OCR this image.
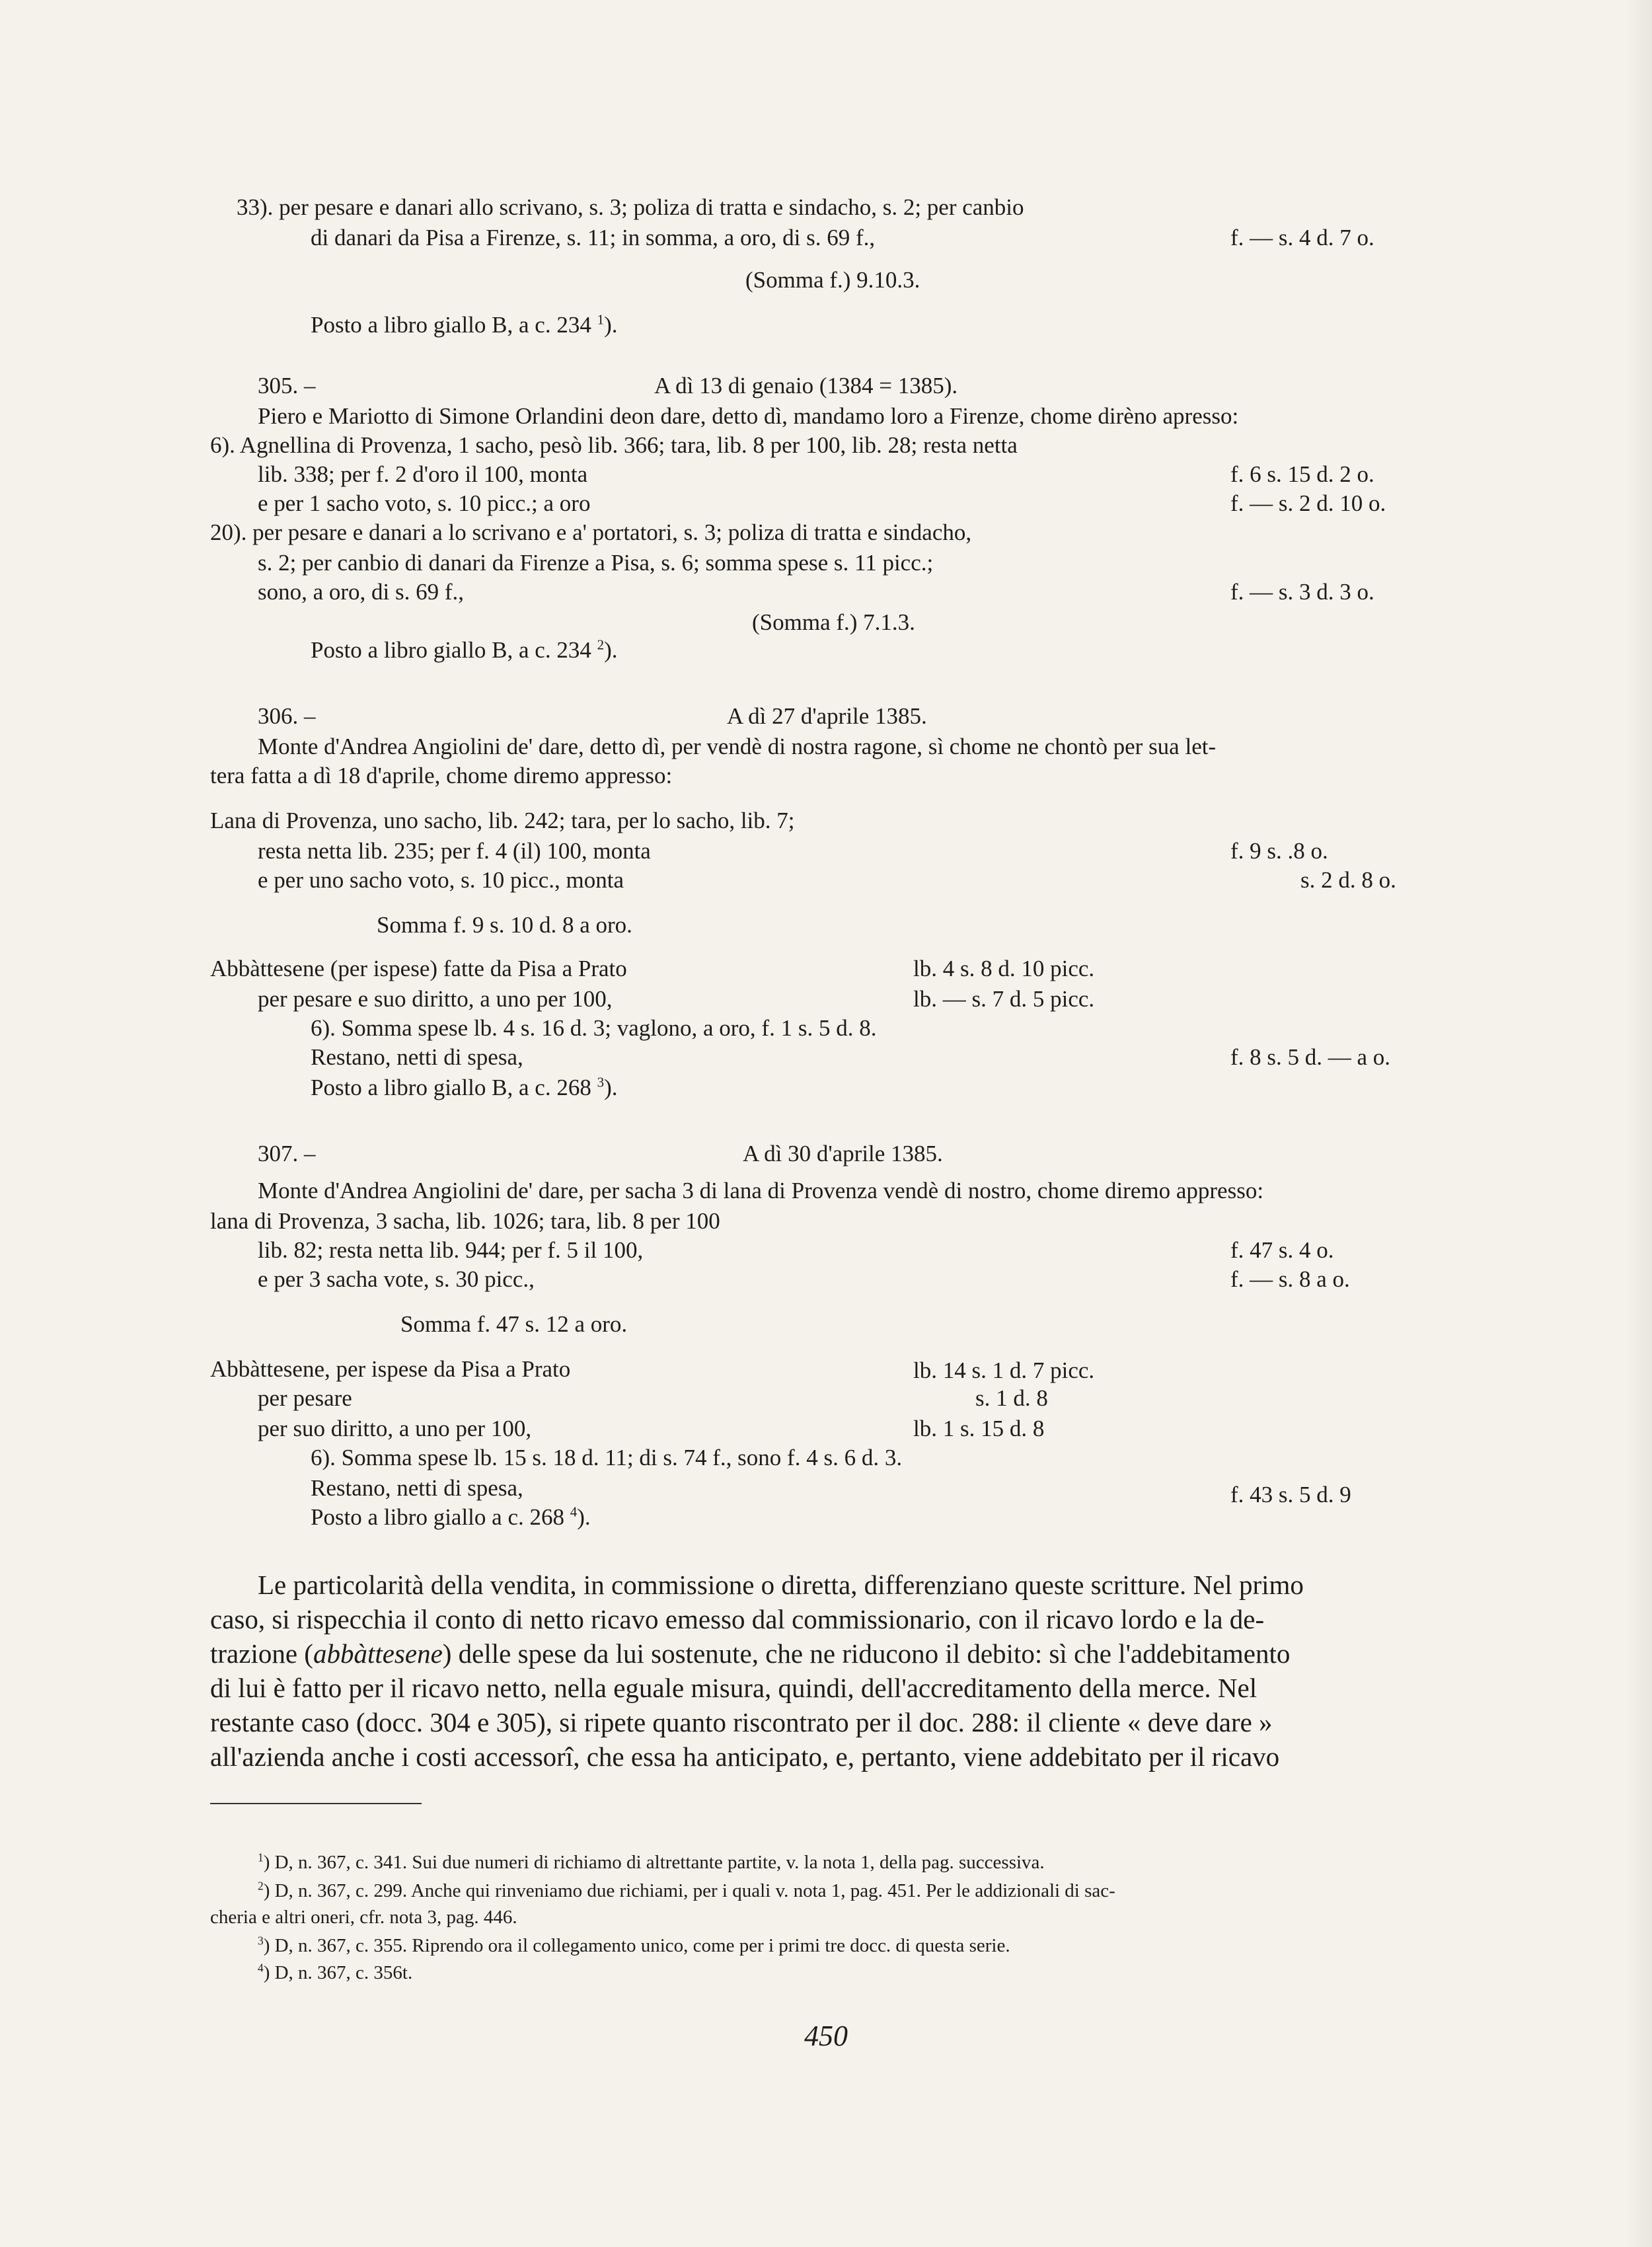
33). per pesare e danari allo scrivano, s. 3; poliza di tratta e sindacho, s. 2; per canbio
di danari da Pisa a Firenze, s. 11; in somma, a oro, di s. 69 f.,	f. — s. 4 d. 7 o.
(Somma f.) 9.10.3.
Posto a libro giallo B, a c. 234 $^1$).
305. –	A dì 13 di genaio (1384 = 1385).
Piero e Mariotto di Simone Orlandini deon dare, detto dì, mandamo loro a Firenze, chome dirèno apresso:
6). Agnellina di Provenza, 1 sacho, pesò lib. 366; tara, lib. 8 per 100, lib. 28; resta netta
lib. 338; per f. 2 d'oro il 100, monta	f. 6 s. 15 d. 2 o.
e per 1 sacho voto, s. 10 picc.; a oro	f. — s. 2 d. 10 o.
20). per pesare e danari a lo scrivano e a' portatori, s. 3; poliza di tratta e sindacho,
s. 2; per canbio di danari da Firenze a Pisa, s. 6; somma spese s. 11 picc.;
sono, a oro, di s. 69 f.,	f. — s. 3 d. 3 o.
(Somma f.) 7.1.3.
Posto a libro giallo B, a c. 234 $^2$).
306. –	A dì 27 d'aprile 1385.
Monte d'Andrea Angiolini de' dare, detto dì, per vendè di nostra ragone, sì chome ne chontò per sua let-
tera fatta a dì 18 d'aprile, chome diremo appresso:
Lana di Provenza, uno sacho, lib. 242; tara, per lo sacho, lib. 7;
resta netta lib. 235; per f. 4 (il) 100, monta	f. 9 s. .8 o.
e per uno sacho voto, s. 10 picc., monta	s. 2 d. 8 o.
Somma f. 9 s. 10 d. 8 a oro.
Abbàttesene (per ispese) fatte da Pisa a Prato	lb. 4 s. 8 d. 10 picc.
per pesare e suo diritto, a uno per 100,	lb. — s. 7 d. 5 picc.
6). Somma spese lb. 4 s. 16 d. 3; vaglono, a oro, f. 1 s. 5 d. 8.
Restano, netti di spesa,	f. 8 s. 5 d. — a o.
Posto a libro giallo B, a c. 268 $^3$).
307. –	A dì 30 d'aprile 1385.
Monte d'Andrea Angiolini de' dare, per sacha 3 di lana di Provenza vendè di nostro, chome diremo appresso:
lana di Provenza, 3 sacha, lib. 1026; tara, lib. 8 per 100
lib. 82; resta netta lib. 944; per f. 5 il 100,	f. 47 s. 4 o.
e per 3 sacha vote, s. 30 picc.,	f. — s. 8 a o.
Somma f. 47 s. 12 a oro.
Abbàttesene, per ispese da Pisa a Prato	lb. 14 s. 1 d. 7 picc.
per pesare	s. 1 d. 8
per suo diritto, a uno per 100,	lb. 1 s. 15 d. 8
6). Somma spese lb. 15 s. 18 d. 11; di s. 74 f., sono f. 4 s. 6 d. 3.
Restano, netti di spesa,	f. 43 s. 5 d. 9
Posto a libro giallo a c. 268 $^4$).
Le particolarità della vendita, in commissione o diretta, differenziano queste scritture. Nel primo
caso, si rispecchia il conto di netto ricavo emesso dal commissionario, con il ricavo lordo e la de-
trazione (abbàttesene) delle spese da lui sostenute, che ne riducono il debito: sì che l'addebitamento
di lui è fatto per il ricavo netto, nella eguale misura, quindi, dell'accreditamento della merce. Nel
restante caso (docc. 304 e 305), si ripete quanto riscontrato per il doc. 288: il cliente « deve dare »
all'azienda anche i costi accessorî, che essa ha anticipato, e, pertanto, viene addebitato per il ricavo
$^1$) D, n. 367, c. 341. Sui due numeri di richiamo di altrettante partite, v. la nota 1, della pag. successiva.
$^2$) D, n. 367, c. 299. Anche qui rinveniamo due richiami, per i quali v. nota 1, pag. 451. Per le addizionali di sac-
cheria e altri oneri, cfr. nota 3, pag. 446.
$^3$) D, n. 367, c. 355. Riprendo ora il collegamento unico, come per i primi tre docc. di questa serie.
$^4$) D, n. 367, c. 356t.
450
